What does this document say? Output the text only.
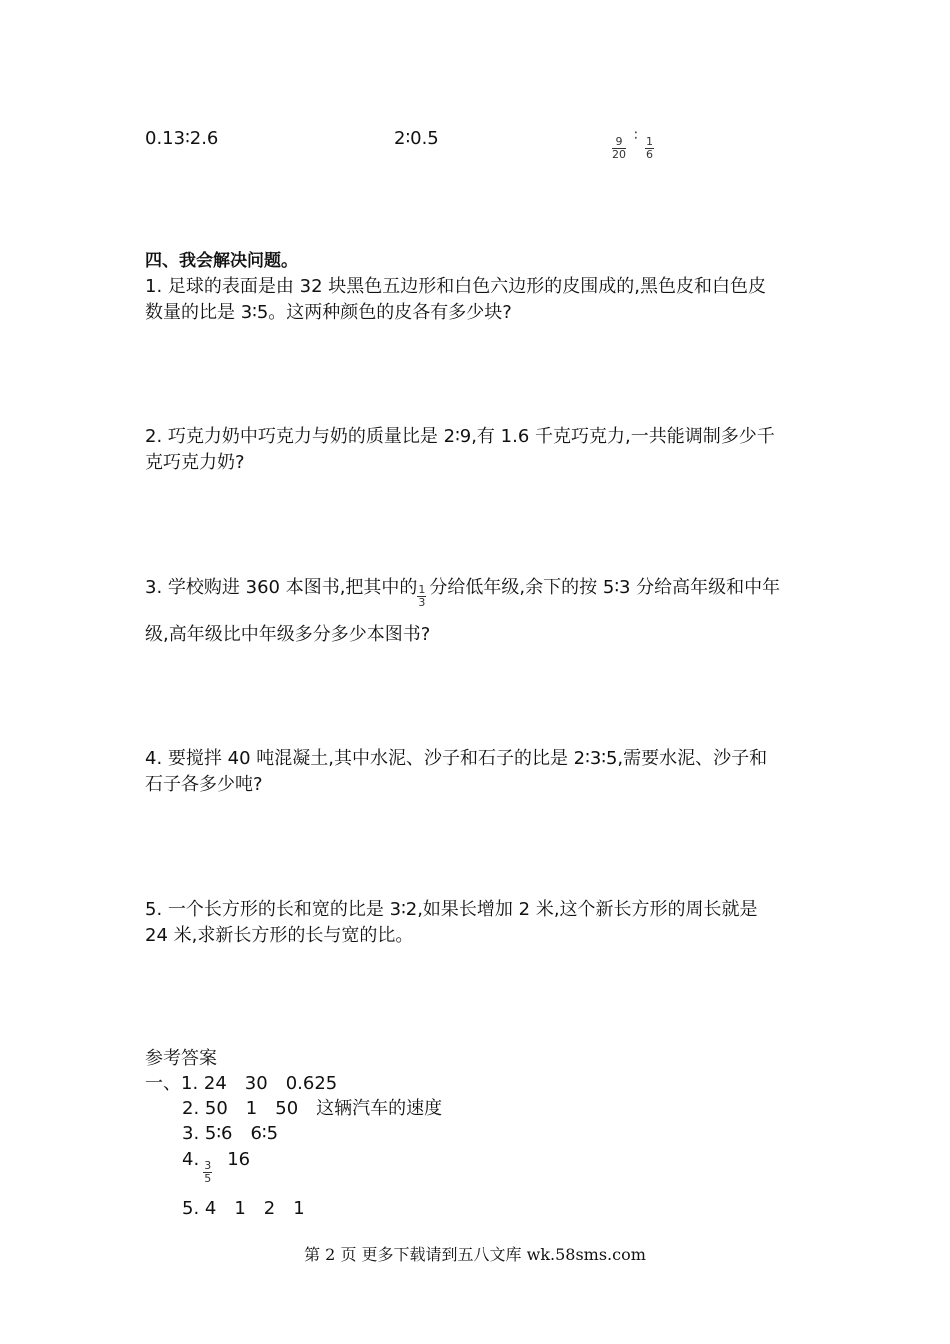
0.13∶2.6	2∶0.5	9
20
∶ 1
6
四、我会解决问题。
1. 足球的表面是由 32 块黑色五边形和白色六边形的皮围成的,黑色皮和白色皮
数量的比是 3∶5。这两种颜色的皮各有多少块?
2. 巧克力奶中巧克力与奶的质量比是 2∶9,有 1.6 千克巧克力,一共能调制多少千
克巧克力奶?
3. 学校购进 360 本图书,把其中的 1
3
分给低年级,余下的按 5∶3 分给高年级和中年
级,高年级比中年级多分多少本图书?
4. 要搅拌 40 吨混凝土,其中水泥、沙子和石子的比是 2∶3∶5,需要水泥、沙子和
石子各多少吨?
5. 一个长方形的长和宽的比是 3∶2,如果长增加 2 米,这个新长方形的周长就是
24 米,求新长方形的长与宽的比。
参考答案
一、1. 24　30　0.625
2. 50　1　50　这辆汽车的速度
3. 5∶6　6∶5
4. 3
5
16
5. 4　1　2　1
第 2 页 更多下载请到五八文库 wk.58sms.com
